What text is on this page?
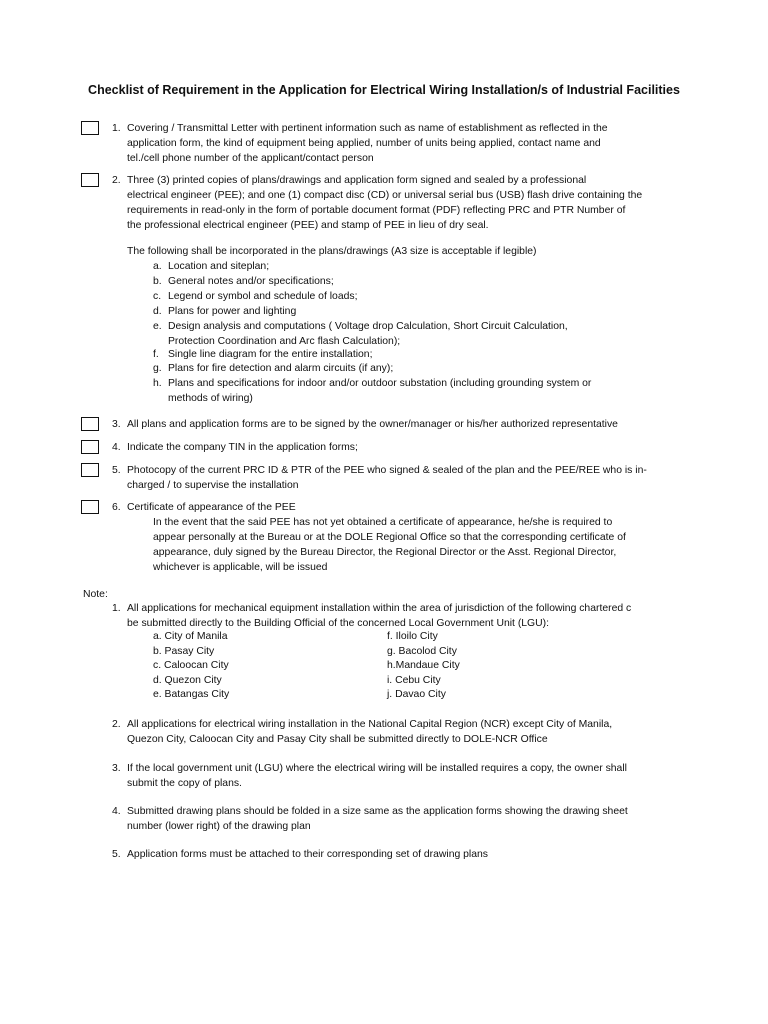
Checklist of Requirement in the Application for Electrical Wiring Installation/s of Industrial Facilities
1. Covering / Transmittal Letter with pertinent information such as name of establishment as reflected in the
application form, the kind of equipment being applied, number of units being applied, contact name and
tel./cell phone number of the applicant/contact person
2. Three (3) printed copies of plans/drawings and application form signed and sealed by a professional
electrical engineer (PEE); and one (1) compact disc (CD) or universal serial bus (USB) flash drive containing the
requirements in read-only in the form of portable document format (PDF) reflecting PRC and PTR Number of
the professional electrical engineer (PEE) and stamp of PEE in lieu of dry seal.
The following shall be incorporated in the plans/drawings (A3 size is acceptable if legible)
a. Location and siteplan;
b. General notes and/or specifications;
c. Legend or symbol and schedule of loads;
d. Plans for power and lighting
e. Design analysis and computations ( Voltage drop Calculation, Short Circuit Calculation,
Protection Coordination and Arc flash Calculation);
f. Single line diagram for the entire installation;
g. Plans for fire detection and alarm circuits (if any);
h. Plans and specifications for indoor and/or outdoor substation (including grounding system or
methods of wiring)
3. All plans and application forms are to be signed by the owner/manager or his/her authorized representative
4. Indicate the company TIN in the application forms;
5. Photocopy of the current PRC ID & PTR of the PEE who signed & sealed of the plan and the PEE/REE who is in-
charged / to supervise the installation
6. Certificate of appearance of the PEE
In the event that the said PEE has not yet obtained a certificate of appearance, he/she is required to
appear personally at the Bureau or at the DOLE Regional Office so that the corresponding certificate of
appearance, duly signed by the Bureau Director, the Regional Director or the Asst. Regional Director,
whichever is applicable, will be issued
Note:
1. All applications for mechanical equipment installation within the area of jurisdiction of the following chartered c
be submitted directly to the Building Official of the concerned Local Government Unit (LGU):
a. City of Manila
b. Pasay City
c. Caloocan City
d. Quezon City
e. Batangas City
f. Iloilo City
g. Bacolod City
h.Mandaue City
i. Cebu City
j. Davao City
2. All applications for electrical wiring installation in the National Capital Region (NCR) except City of Manila,
Quezon City, Caloocan City and Pasay City shall be submitted directly to DOLE-NCR Office
3. If the local government unit (LGU) where the electrical wiring will be installed requires a copy, the owner shall
submit the copy of plans.
4. Submitted drawing plans should be folded in a size same as the application forms showing the drawing sheet
number (lower right) of the drawing plan
5. Application forms must be attached to their corresponding set of drawing plans
